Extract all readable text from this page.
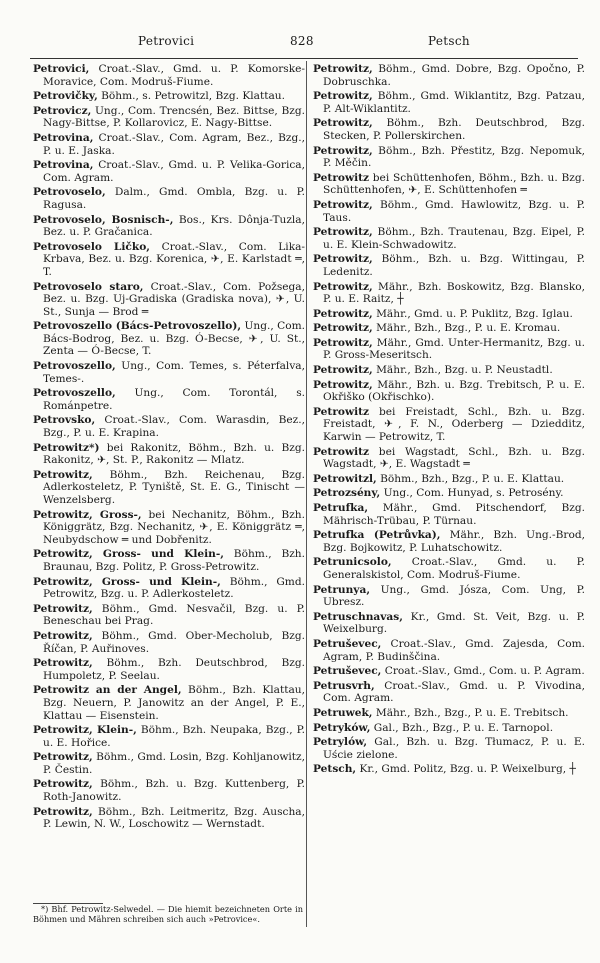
Petrovici	828	Petsch
Petrovici, Croat.-Slav., Gmd. u. P. Komorske-Moravice, Com. Modruš-Fiume.
Petrovičky, Böhm., s. Petrowitzl, Bzg. Klattau.
Petrovicz, Ung., Com. Trencsén, Bez. Bittse, Bzg. Nagy-Bittse, P. Kollarovicz, E. Nagy-Bittse.
Petrovina, Croat.-Slav., Com. Agram, Bez., Bzg., P. u. E. Jaska.
Petrovina, Croat.-Slav., Gmd. u. P. Velika-Gorica, Com. Agram.
Petrovoselo, Dalm., Gmd. Ombla, Bzg. u. P. Ragusa.
Petrovoselo, Bosnisch-, Bos., Krs. Dônja-Tuzla, Bez. u. P. Gračanica.
Petrovoselo Ličko, Croat.-Slav., Com. Lika-Krbava, Bez. u. Bzg. Korenica, ✈, E. Karlstadt ═, T.
Petrovoselo staro, Croat.-Slav., Com. Požsega, Bez. u. Bzg. Uj-Gradiska (Gradiska nova), ✈, U. St., Sunja — Brod ═
Petrovoszello (Bács-Petrovoszello), Ung., Com. Bács-Bodrog, Bez. u. Bzg. Ó-Becse, ✈, U. St., Zenta — Ó-Becse, T.
Petrovoszello, Ung., Com. Temes, s. Péterfalva, Temes-.
Petrovoszello, Ung., Com. Torontál, s. Románpetre.
Petrovsko, Croat.-Slav., Com. Warasdin, Bez., Bzg., P. u. E. Krapina.
Petrowitz*) bei Rakonitz, Böhm., Bzh. u. Bzg. Rakonitz, ✈, St. P., Rakonitz — Mlatz.
Petrowitz, Böhm., Bzh. Reichenau, Bzg. Adlerkosteletz, P. Tyniště, St. E. G., Tinischt — Wenzelsberg.
Petrowitz, Gross-, bei Nechanitz, Böhm., Bzh. Königgrätz, Bzg. Nechanitz, ✈, E. Königgrätz ═, Neubydschow ═ und Dobřenitz.
Petrowitz, Gross- und Klein-, Böhm., Bzh. Braunau, Bzg. Politz, P. Gross-Petrowitz.
Petrowitz, Gross- und Klein-, Böhm., Gmd. Petrowitz, Bzg. u. P. Adlerkosteletz.
Petrowitz, Böhm., Gmd. Nesvačil, Bzg. u. P. Beneschau bei Prag.
Petrowitz, Böhm., Gmd. Ober-Mecholub, Bzg. Říčan, P. Auřinoves.
Petrowitz, Böhm., Bzh. Deutschbrod, Bzg. Humpoletz, P. Seelau.
Petrowitz an der Angel, Böhm., Bzh. Klattau, Bzg. Neuern, P. Janowitz an der Angel, P. E., Klattau — Eisenstein.
Petrowitz, Klein-, Böhm., Bzh. Neupaka, Bzg., P. u. E. Hořice.
Petrowitz, Böhm., Gmd. Losin, Bzg. Kohljanowitz, P. Čestin.
Petrowitz, Böhm., Bzh. u. Bzg. Kuttenberg, P. Roth-Janowitz.
Petrowitz, Böhm., Bzh. Leitmeritz, Bzg. Auscha, P. Lewin, N. W., Loschowitz — Wernstadt.
Petrowitz, Böhm., Gmd. Dobre, Bzg. Opočno, P. Dobruschka.
Petrowitz, Böhm., Gmd. Wiklantitz, Bzg. Patzau, P. Alt-Wiklantitz.
Petrowitz, Böhm., Bzh. Deutschbrod, Bzg. Stecken, P. Pollerskirchen.
Petrowitz, Böhm., Bzh. Přestitz, Bzg. Nepomuk, P. Měčin.
Petrowitz bei Schüttenhofen, Böhm., Bzh. u. Bzg. Schüttenhofen, ✈, E. Schüttenhofen ═
Petrowitz, Böhm., Gmd. Hawlowitz, Bzg. u. P. Taus.
Petrowitz, Böhm., Bzh. Trautenau, Bzg. Eipel, P. u. E. Klein-Schwadowitz.
Petrowitz, Böhm., Bzh. u. Bzg. Wittingau, P. Ledenitz.
Petrowitz, Mähr., Bzh. Boskowitz, Bzg. Blansko, P. u. E. Raitz, ┼
Petrowitz, Mähr., Gmd. u. P. Puklitz, Bzg. Iglau.
Petrowitz, Mähr., Bzh., Bzg., P. u. E. Kromau.
Petrowitz, Mähr., Gmd. Unter-Hermanitz, Bzg. u. P. Gross-Meseritsch.
Petrowitz, Mähr., Bzh., Bzg. u. P. Neustadtl.
Petrowitz, Mähr., Bzh. u. Bzg. Trebitsch, P. u. E. Okřiško (Okřischko).
Petrowitz bei Freistadt, Schl., Bzh. u. Bzg. Freistadt, ✈, F. N., Oderberg — Dziedditz, Karwin — Petrowitz, T.
Petrowitz bei Wagstadt, Schl., Bzh. u. Bzg. Wagstadt, ✈, E. Wagstadt ═
Petrowitzl, Böhm., Bzh., Bzg., P. u. E. Klattau.
Petrozsény, Ung., Com. Hunyad, s. Petrosény.
Petrufka, Mähr., Gmd. Pitschendorf, Bzg. Mährisch-Trübau, P. Türnau.
Petrufka (Petrůvka), Mähr., Bzh. Ung.-Brod, Bzg. Bojkowitz, P. Luhatschowitz.
Petrunicsolo, Croat.-Slav., Gmd. u. P. Generalskistol, Com. Modruš-Fiume.
Petrunya, Ung., Gmd. Jósza, Com. Ung, P. Ubresz.
Petruschnavas, Kr., Gmd. St. Veit, Bzg. u. P. Weixelburg.
Petruševec, Croat.-Slav., Gmd. Zajesda, Com. Agram, P. Budinščina.
Petruševec, Croat.-Slav., Gmd., Com. u. P. Agram.
Petrusvrh, Croat.-Slav., Gmd. u. P. Vivodina, Com. Agram.
Petruwek, Mähr., Bzh., Bzg., P. u. E. Trebitsch.
Petryków, Gal., Bzh., Bzg., P. u. E. Tarnopol.
Petrylów, Gal., Bzh. u. Bzg. Tłumacz, P. u. E. Uście zielone.
Petsch, Kr., Gmd. Politz, Bzg. u. P. Weixelburg, ┼
*) Bhf. Petrowitz-Selwedel. — Die hiemit bezeichneten Orte in Böhmen und Mähren schreiben sich auch »Petrovice«.
